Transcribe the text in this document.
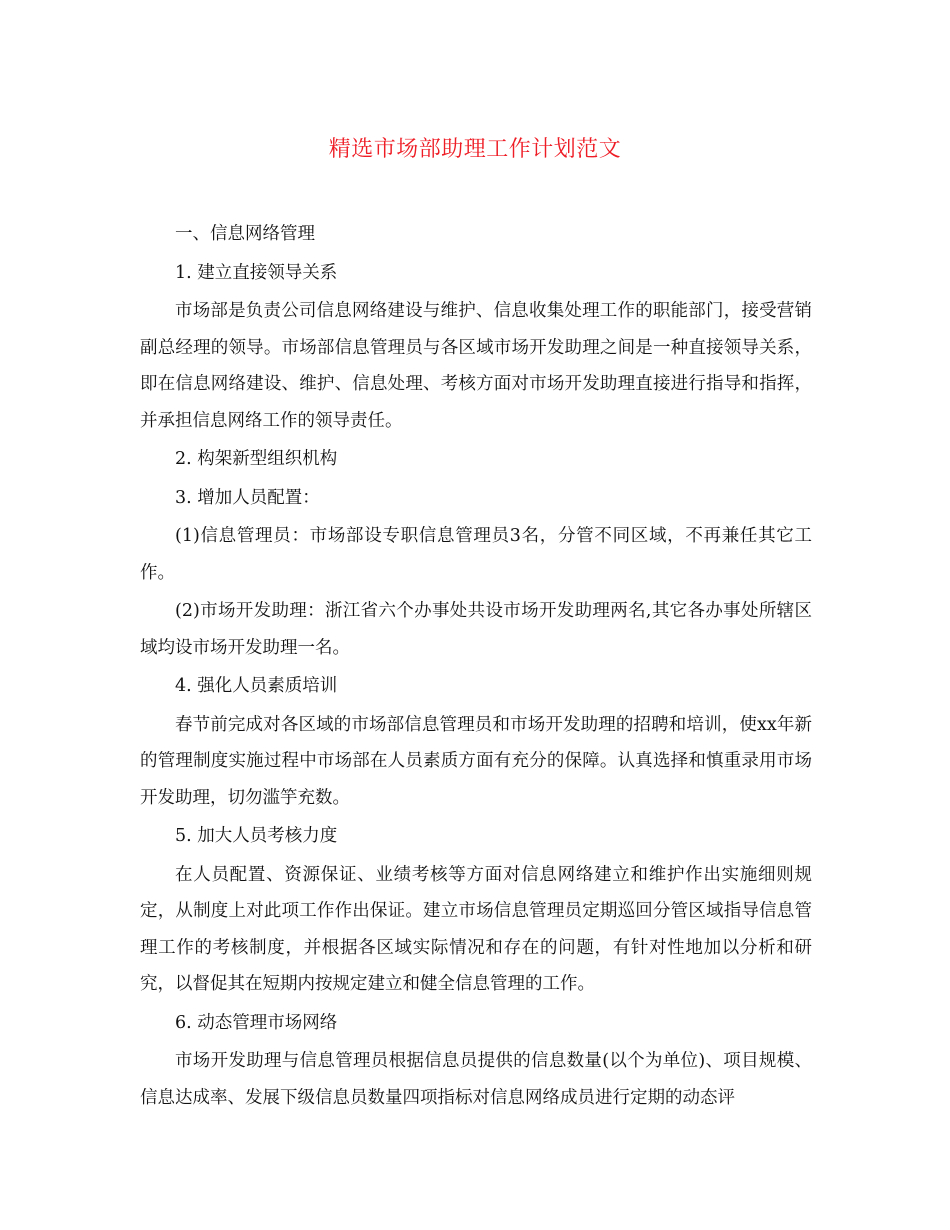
精选市场部助理工作计划范文

一、信息网络管理

1. 建立直接领导关系

市场部是负责公司信息网络建设与维护、信息收集处理工作的职能部门，接受营销副总经理的领导。市场部信息管理员与各区域市场开发助理之间是一种直接领导关系，即在信息网络建设、维护、信息处理、考核方面对市场开发助理直接进行指导和指挥，并承担信息网络工作的领导责任。

2. 构架新型组织机构

3. 增加人员配置：

(1)信息管理员：市场部设专职信息管理员3名，分管不同区域，不再兼任其它工作。

(2)市场开发助理：浙江省六个办事处共设市场开发助理两名,其它各办事处所辖区域均设市场开发助理一名。

4. 强化人员素质培训

春节前完成对各区域的市场部信息管理员和市场开发助理的招聘和培训，使xx年新的管理制度实施过程中市场部在人员素质方面有充分的保障。认真选择和慎重录用市场开发助理，切勿滥竽充数。

5. 加大人员考核力度

在人员配置、资源保证、业绩考核等方面对信息网络建立和维护作出实施细则规定，从制度上对此项工作作出保证。建立市场信息管理员定期巡回分管区域指导信息管理工作的考核制度，并根据各区域实际情况和存在的问题，有针对性地加以分析和研究，以督促其在短期内按规定建立和健全信息管理的工作。

6. 动态管理市场网络

市场开发助理与信息管理员根据信息员提供的信息数量(以个为单位)、项目规模、信息达成率、发展下级信息员数量四项指标对信息网络成员进行定期的动态评
